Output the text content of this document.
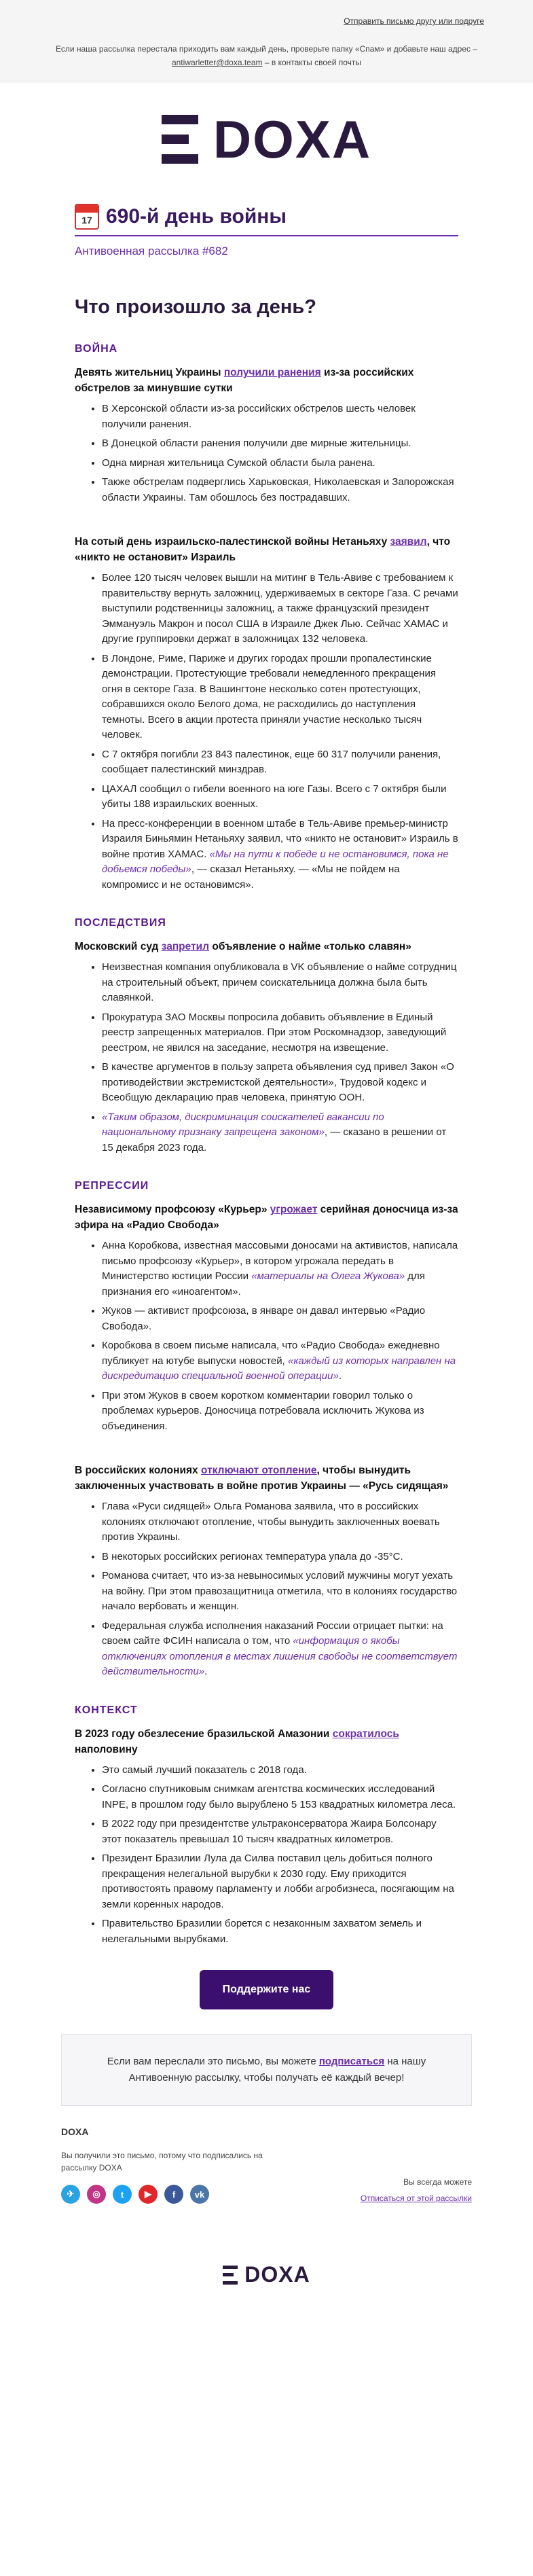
Отправить письмо другу или подруге
Если наша рассылка перестала приходить вам каждый день, проверьте папку «Спам» и добавьте наш адрес – antiwarletter@doxa.team – в контакты своей почты
DOXA
17 690-й день войны
Антивоенная рассылка #682
Что произошло за день?
ВОЙНА
Девять жительниц Украины получили ранения из-за российских обстрелов за минувшие сутки
• В Херсонской области из-за российских обстрелов шесть человек получили ранения.
• В Донецкой области ранения получили две мирные жительницы.
• Одна мирная жительница Сумской области была ранена.
• Также обстрелам подверглись Харьковская, Николаевская и Запорожская области Украины. Там обошлось без пострадавших.
На сотый день израильско-палестинской войны Нетаньяху заявил, что «никто не остановит» Израиль
• Более 120 тысяч человек вышли на митинг в Тель-Авиве с требованием к правительству вернуть заложниц, удерживаемых в секторе Газа. С речами выступили родственницы заложниц, а также французский президент Эммануэль Макрон и посол США в Израиле Джек Лью. Сейчас ХАМАС и другие группировки держат в заложницах 132 человека.
• В Лондоне, Риме, Париже и других городах прошли пропалестинские демонстрации. Протестующие требовали немедленного прекращения огня в секторе Газа. В Вашингтоне несколько сотен протестующих, собравшихся около Белого дома, не расходились до наступления темноты. Всего в акции протеста приняли участие несколько тысяч человек.
• С 7 октября погибли 23 843 палестинок, еще 60 317 получили ранения, сообщает палестинский минздрав.
• ЦАХАЛ сообщил о гибели военного на юге Газы. Всего с 7 октября были убиты 188 израильских военных.
• На пресс-конференции в военном штабе в Тель-Авиве премьер-министр Израиля Биньямин Нетаньяху заявил, что «никто не остановит» Израиль в войне против ХАМАС. «Мы на пути к победе и не остановимся, пока не добьемся победы», — сказал Нетаньяху. — «Мы не пойдем на компромисс и не остановимся».
ПОСЛЕДСТВИЯ
Московский суд запретил объявление о найме «только славян»
• Неизвестная компания опубликовала в VK объявление о найме сотрудниц на строительный объект, причем соискательница должна была быть славянкой.
• Прокуратура ЗАО Москвы попросила добавить объявление в Единый реестр запрещенных материалов. При этом Роскомнадзор, заведующий реестром, не явился на заседание, несмотря на извещение.
• В качестве аргументов в пользу запрета объявления суд привел Закон «О противодействии экстремистской деятельности», Трудовой кодекс и Всеобщую декларацию прав человека, принятую ООН.
• «Таким образом, дискриминация соискателей вакансии по национальному признаку запрещена законом», — сказано в решении от 15 декабря 2023 года.
РЕПРЕССИИ
Независимому профсоюзу «Курьер» угрожает серийная доносчица из-за эфира на «Радио Свобода»
• Анна Коробкова, известная массовыми доносами на активистов, написала письмо профсоюзу «Курьер», в котором угрожала передать в Министерство юстиции России «материалы на Олега Жукова» для признания его «иноагентом».
• Жуков — активист профсоюза, в январе он давал интервью «Радио Свобода».
• Коробкова в своем письме написала, что «Радио Свобода» ежедневно публикует на ютубе выпуски новостей, «каждый из которых направлен на дискредитацию специальной военной операции».
• При этом Жуков в своем коротком комментарии говорил только о проблемах курьеров. Доносчица потребовала исключить Жукова из объединения.
В российских колониях отключают отопление, чтобы вынудить заключенных участвовать в войне против Украины — «Русь сидящая»
• Глава «Руси сидящей» Ольга Романова заявила, что в российских колониях отключают отопление, чтобы вынудить заключенных воевать против Украины.
• В некоторых российских регионах температура упала до -35°C.
• Романова считает, что из-за невыносимых условий мужчины могут уехать на войну. При этом правозащитница отметила, что в колониях государство начало вербовать и женщин.
• Федеральная служба исполнения наказаний России отрицает пытки: на своем сайте ФСИН написала о том, что «информация о якобы отключениях отопления в местах лишения свободы не соответствует действительности».
КОНТЕКСТ
В 2023 году обезлесение бразильской Амазонии сократилось наполовину
• Это самый лучший показатель с 2018 года.
• Согласно спутниковым снимкам агентства космических исследований INPE, в прошлом году было вырублено 5 153 квадратных километра леса.
• В 2022 году при президентстве ультраконсерватора Жаира Болсонару этот показатель превышал 10 тысяч квадратных километров.
• Президент Бразилии Лула да Силва поставил цель добиться полного прекращения нелегальной вырубки к 2030 году. Ему приходится противостоять правому парламенту и лобби агробизнеса, посягающим на земли коренных народов.
• Правительство Бразилии борется с незаконным захватом земель и нелегальными вырубками.
Поддержите нас
Если вам переслали это письмо, вы можете подписаться на нашу Антивоенную рассылку, чтобы получать её каждый вечер!
DOXA
Вы получили это письмо, потому что подписались на рассылку DOXA
✈	◎	t	▶	f	vk
Вы всегда можете
Отписаться от этой рассылки
DOXA
